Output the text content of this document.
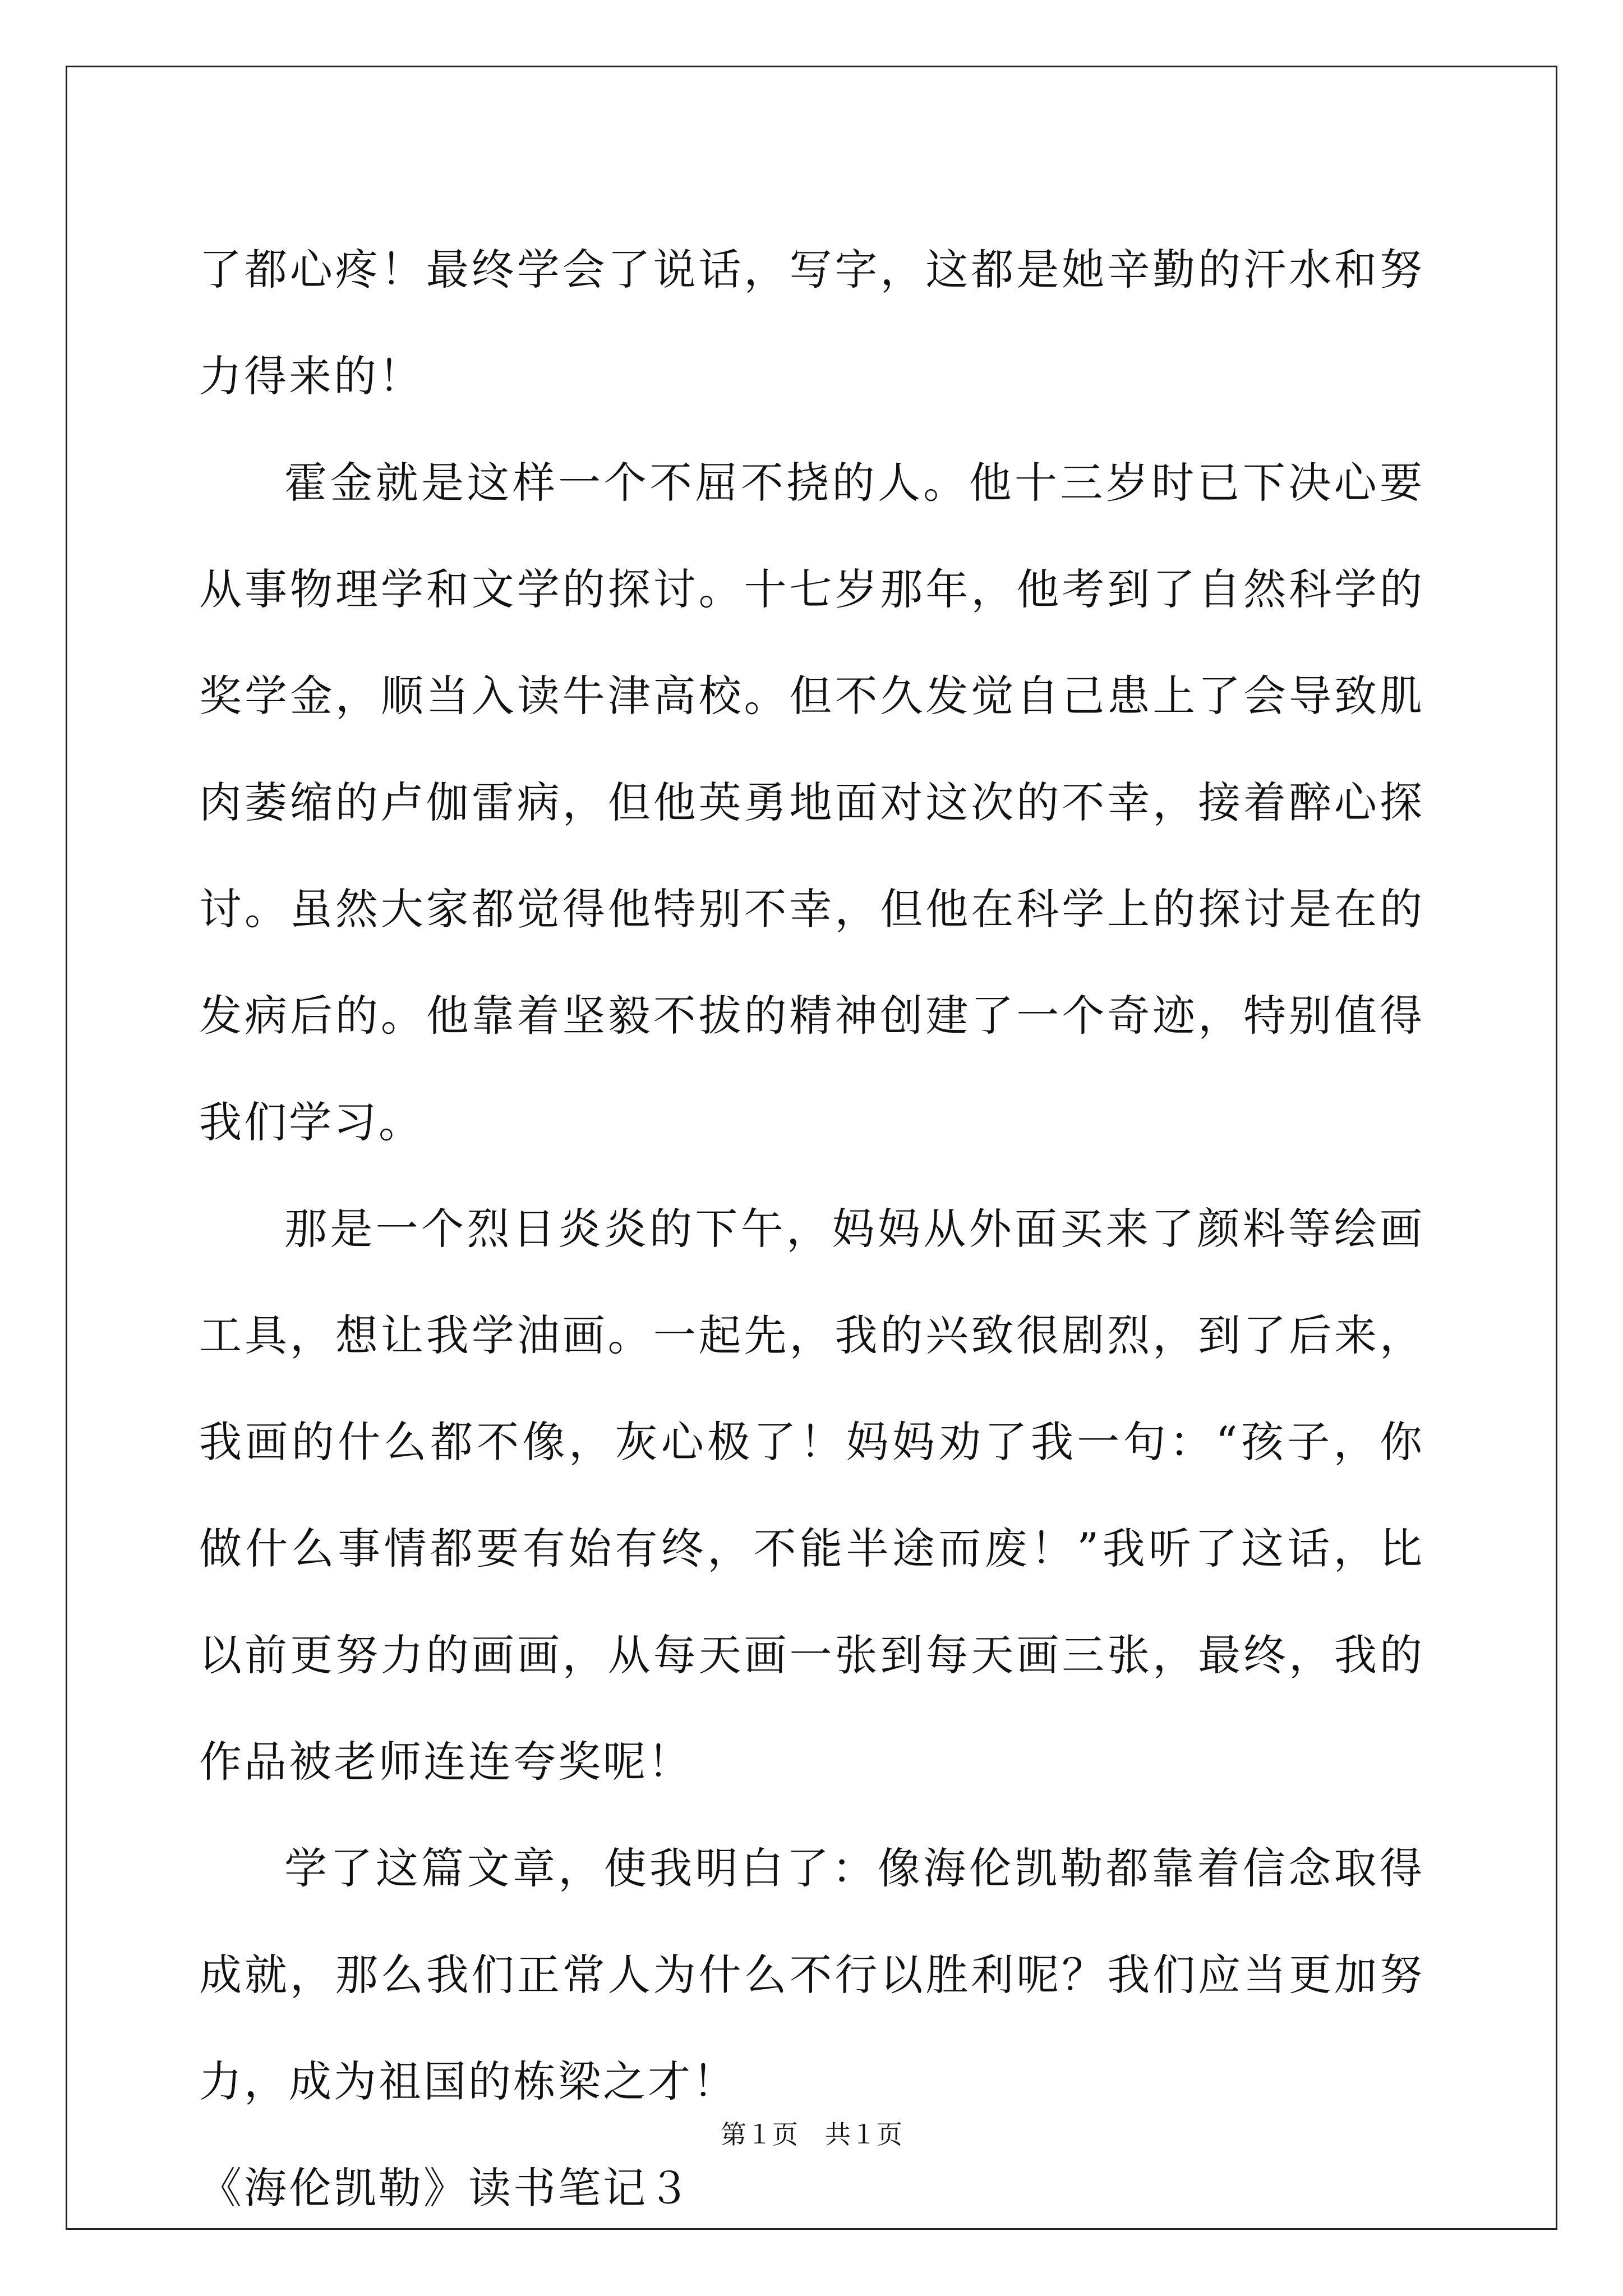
了都心疼！最终学会了说话，写字，这都是她辛勤的汗水和努力得来的！

霍金就是这样一个不屈不挠的人。他十三岁时已下决心要从事物理学和文学的探讨。十七岁那年，他考到了自然科学的奖学金，顺当入读牛津高校。但不久发觉自己患上了会导致肌肉萎缩的卢伽雷病，但他英勇地面对这次的不幸，接着醉心探讨。虽然大家都觉得他特别不幸，但他在科学上的探讨是在的发病后的。他靠着坚毅不拔的精神创建了一个奇迹，特别值得我们学习。

那是一个烈日炎炎的下午，妈妈从外面买来了颜料等绘画工具，想让我学油画。一起先，我的兴致很剧烈，到了后来，我画的什么都不像，灰心极了！妈妈劝了我一句：“孩子，你做什么事情都要有始有终，不能半途而废！”我听了这话，比以前更努力的画画，从每天画一张到每天画三张，最终，我的作品被老师连连夸奖呢！

学了这篇文章，使我明白了：像海伦凯勒都靠着信念取得成就，那么我们正常人为什么不行以胜利呢？我们应当更加努力，成为祖国的栋梁之才！

《海伦凯勒》读书笔记３

第１页 共１页
